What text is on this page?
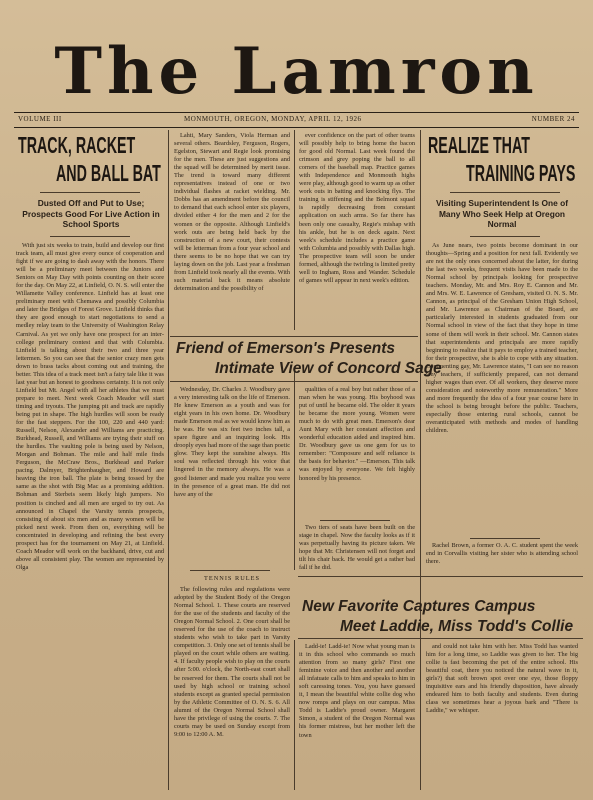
The Lamron
VOLUME III	MONMOUTH, OREGON, MONDAY, APRIL 12, 1926	NUMBER 24
TRACK, RACKET
AND BALL BAT
Dusted Off and Put to Use; Prospects Good For Live Action in School Sports

With just six weeks to train, build and develop our first track team, all must give every ounce of cooperation and fight if we are going to dash away with the honors. There will be a preliminary meet between the Juniors and Seniors on May Day with points counting on their score for the day. On May 22, at Linfield, O. N. S. will enter the Willamette Valley conference. Linfield has at least one preliminary meet with Chemawa and possibly Columbia and later the Bridges of Forest Grove. Linfield thinks that they are good enough to start negotiations to send a medley relay team to the University of Washington Relay Carnival. As yet we only have one prospect for an inter-college preliminary contest and that with Columbia. Linfield is talking about their two and three year lettermen. So you can see that the senior crazy men gets down to brass tacks about coming out and training, the better. This idea of a track meet isn't a fairy tale like it was last year but an honest to goodness certainty. It is not only Linfield but Mt. Angel with all her athletes that we must prepare to meet. Next week Coach Meador will start timing and tryouts. The jumping pit and track are rapidly being put in shape. The high hurdles will soon be ready for the fast steppers. For the 100, 220 and 440 yard: Russell, Nelson, Alexander and Williams are practicing. Burkhead, Russell, and Williams are trying their stuff on the hurdles. The vaulting pole is being used by Nelson, Morgan and Bohman. The mile and half mile finds Ferguson, the McCraw Bros., Burkhead and Parker pacing. Dalmyer, Brightenbaugher, and Howard are heaving the iron ball. The plate is being tossed by the same as the shot with Big Mac as a promising addition. Bohman and Sterbeis seem likely high jumpers. No position is cinched and all men are urged to try out. As announced in Chapel the Varsity tennis prospects, consisting of about six men and as many women will be picked next week. From then on, everything will be concentrated in developing and refining the best every prospect has for the tournament on May 21, at Linfield. Coach Meador will work on the backhand, drive, cut and above all consistent play. The women are represented by Olga

Lahti, Mary Sanders, Viola Herman and several others. Beardsley, Ferguson, Rogers, Egelston, Stewart and Regie look promising for the men. These are just suggestions and the squad will be determined by merit issue. The trend is toward many different representatives instead of one or two individual flashes at racket wielding. Mr. Dobbs has an amendment before the council to demand that each school enter six players, divided either 4 for the men and 2 for the women or the opposite. Although Linfield's work outs are being held back by the construction of a new court, their contests will be letterman from a four year school and there seems to be no hope that we can try laying down on the job. Last year a freshman from Linfield took nearly all the events. With such material back it means absolute determination and the possibility of

ever confidence on the part of other teams will possibly help to bring home the bacon for good old Normal. Last week found the crimson and grey poping the ball to all corners of the baseball map. Practice games with Independence and Monmouth highs were play, although good to warm up as other work outs in batting and knocking flys. The training is stiffening and the Belmont squad is rapidly decreasing from constant application on such arms. So far there has been only one casualty, Regie's mishap with his ankle, but he is on deck again. Next week's schedule includes a practice game with Columbia and possibly with Dallas high. The prospective team will soon be under formed, although the twirling is limited pretty well to Ingham, Ross and Wander. Schedule of games will appear in next week's edition.

Friend of Emerson's Presents
Intimate View of Concord Sage

Wednesday, Dr. Charles J. Woodbury gave a very interesting talk on the life of Emerson. He knew Emerson as a youth and was for eight years in his own home. Dr. Woodbury made Emerson real as we would know him as he was. He was six feet two inches tall, a spare figure and an inquiring look. His drooply eyes had more of the sage than poetic glow. They kept the sunshine always. His soul was reflected through his voice that lingered in the memory always. He was a good listener and made you realize you were in the presence of a great man. He did not have any of the

qualities of a real boy but rather those of a man when he was young. His boyhood was put of until he became old. The older it years he became the more young. Women were much to do with great men. Emerson's dear Aunt Mary with her constant affection and wonderful education aided and inspired him. Dr. Woodbury gave us one gem for us to remember: "Composure and self reliance is the basis for behavior." —Emerson. This talk was enjoyed by everyone. We felt highly honored by his presence.

Two tiers of seats have been built on the stage in chapel. Now the faculty looks as if it was perpetually having its picture taken. We hope that Mr. Christensen will not forget and tilt his chair back. He would get a rather bad fall if he did.

TENNIS RULES

The following rules and regulations were adopted by the Student Body of the Oregon Normal School. 1. These courts are reserved for the use of the students and faculty of the Oregon Normal School. 2. One court shall be reserved for the use of the coach to instruct students who wish to take part in Varsity competition. 3. Only one set of tennis shall be played on the court while others are waiting. 4. If faculty people wish to play on the courts after 5:00. o'clock, the North-east court shall be reserved for them. The courts shall not be used by high school or training school students except as granted special permission by the Athletic Committee of O. N. S. 6. All alumni of the Oregon Normal School shall have the privilege of using the courts. 7. The courts may be used on Sunday except from 9:00 to 12:00 A. M.

New Favorite Captures Campus
Meet Laddie, Miss Todd's Collie

Ladd-ie! Ladd-ie! Now what young man is it in this school who commands so much attention from so many girls? First one feminine voice and then another and another all infatuate calls to him and speaks to him in soft caressing tones. You, you have guessed it, I mean the beautiful white collie dog who now romps and plays on our campus. Miss Todd is Laddie's proud owner. Margaret Simon, a student of the Oregon Normal was his former mistress, but her mother left the town

and could not take him with her. Miss Todd has wanted him for a long time, so Laddie was given to her. The big collie is fast becoming the pet of the entire school. His beautiful coat, there you noticed the natural wave in it, girls?) that soft brown spot over one eye, those floppy inquisitive ears and his friendly disposition, have already endeared him to both faculty and students. Even during class we sometimes hear a joyous bark and "There is Laddie," we whisper.

REALIZE THAT
TRAINING PAYS
Visiting Superintendent Is One of Many Who Seek Help at Oregon Normal

As June nears, two points become dominant in our thoughts—Spring and a position for next fall. Evidently we are not the only ones concerned about the latter, for during the last two weeks, frequent visits have been made to the Normal school by principals looking for prospective teachers. Monday, Mr. and Mrs. Roy E. Cannon and Mr. and Mrs. W. E. Lawrence of Gresham, visited O. N. S. Mr. Cannon, as principal of the Gresham Union High School, and Mr. Lawrence as Chairman of the Board, are particularly interested in students graduated from our Normal school in view of the fact that they hope in time some of them will work in their school. Mr. Cannon states that superintendents and principals are more rapidly beginning to realize that it pays to employ a trained teacher, for their prospective, she is able to cope with any situation. Commenting gay, Mr. Lawrence states, "I can see no reason why teachers, if sufficiently prepared, can not demand higher wages than ever. Of all workers, they deserve more consideration and noteworthy more remuneration." More and more frequently the idea of a four year course here in the school is being brought before the public. Teachers, especially those entering rural schools, cannot be overanticipated with methods and modes of handling children.

Rachel Brown, a former O. A. C. student spent the week end in Corvallis visiting her sister who is attending school there.
